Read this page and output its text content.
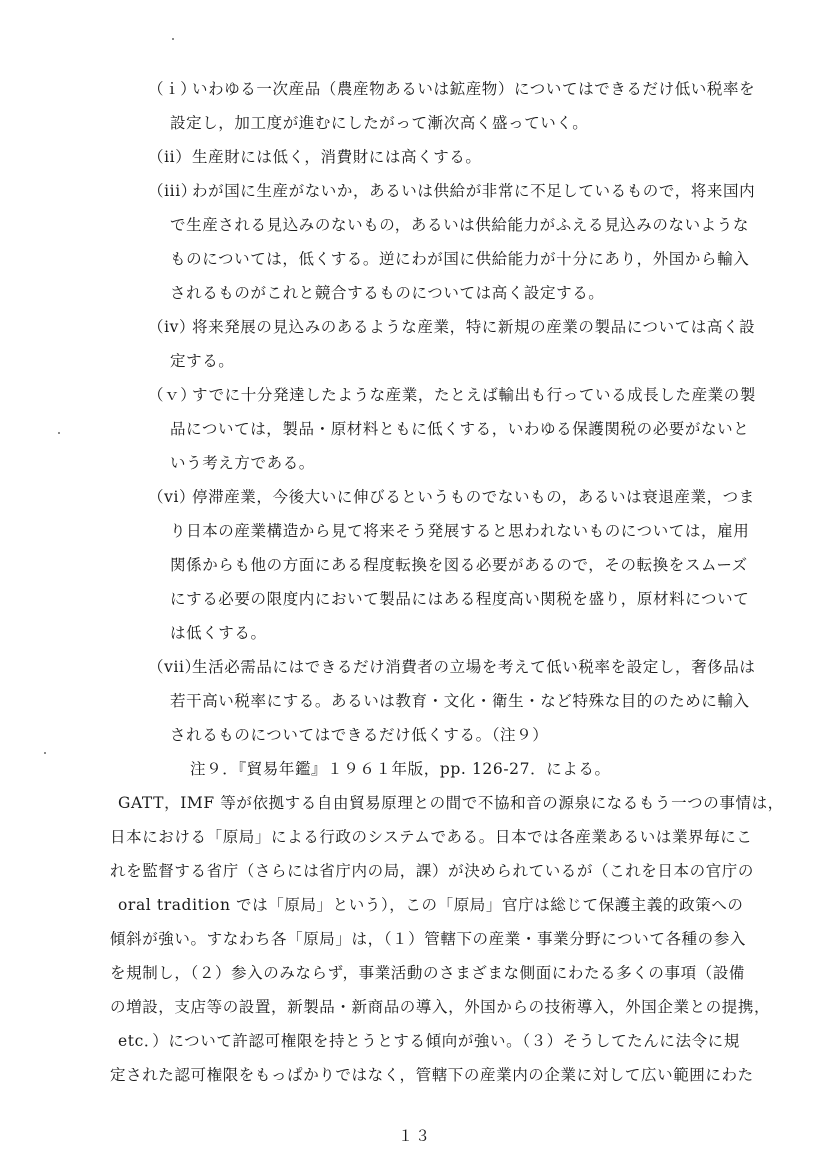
（ｉ）
いわゆる一次産品（農産物あるいは鉱産物）についてはできるだけ低い税率を
設定し，加工度が進むにしたがって漸次高く盛っていく。
（ii） 生産財には低く，消費財には高くする。
（iii）
わが国に生産がないか，あるいは供給が非常に不足しているもので，将来国内
で生産される見込みのないもの，あるいは供給能力がふえる見込みのないような
ものについては，低くする。逆にわが国に供給能力が十分にあり，外国から輸入
されるものがこれと競合するものについては高く設定する。
（iv）
将来発展の見込みのあるような産業，特に新規の産業の製品については高く設
定する。
（ｖ）
すでに十分発達したような産業，たとえば輸出も行っている成長した産業の製
品については，製品・原材料ともに低くする，いわゆる保護関税の必要がないと
いう考え方である。
（vi）
停滞産業，今後大いに伸びるというものでないもの，あるいは衰退産業，つま
り日本の産業構造から見て将来そう発展すると思われないものについては，雇用
関係からも他の方面にある程度転換を図る必要があるので，その転換をスムーズ
にする必要の限度内において製品にはある程度高い関税を盛り，原材料について
は低くする。
（vii）
生活必需品にはできるだけ消費者の立場を考えて低い税率を設定し，奢侈品は
若干高い税率にする。あるいは教育・文化・衛生・など特殊な目的のために輸入
されるものについてはできるだけ低くする。（注９）
注９．『貿易年鑑』１９６１年版，pp. 126-27．による。
GATT，IMF 等が依拠する自由貿易原理との間で不協和音の源泉になるもう一つの事情は，
日本における「原局」による行政のシステムである。日本では各産業あるいは業界毎にこ
れを監督する省庁（さらには省庁内の局，課）が決められているが（これを日本の官庁の
oral tradition では「原局」という），この「原局」官庁は総じて保護主義的政策への
傾斜が強い。すなわち各「原局」は，（１）管轄下の産業・事業分野について各種の参入
を規制し，（２）参入のみならず，事業活動のさまざまな側面にわたる多くの事項（設備
の増設，支店等の設置，新製品・新商品の導入，外国からの技術導入，外国企業との提携，
etc．）について許認可権限を持とうとする傾向が強い。（３）そうしてたんに法令に規
定された認可権限をもっぱかりではなく，管轄下の産業内の企業に対して広い範囲にわた
１３
